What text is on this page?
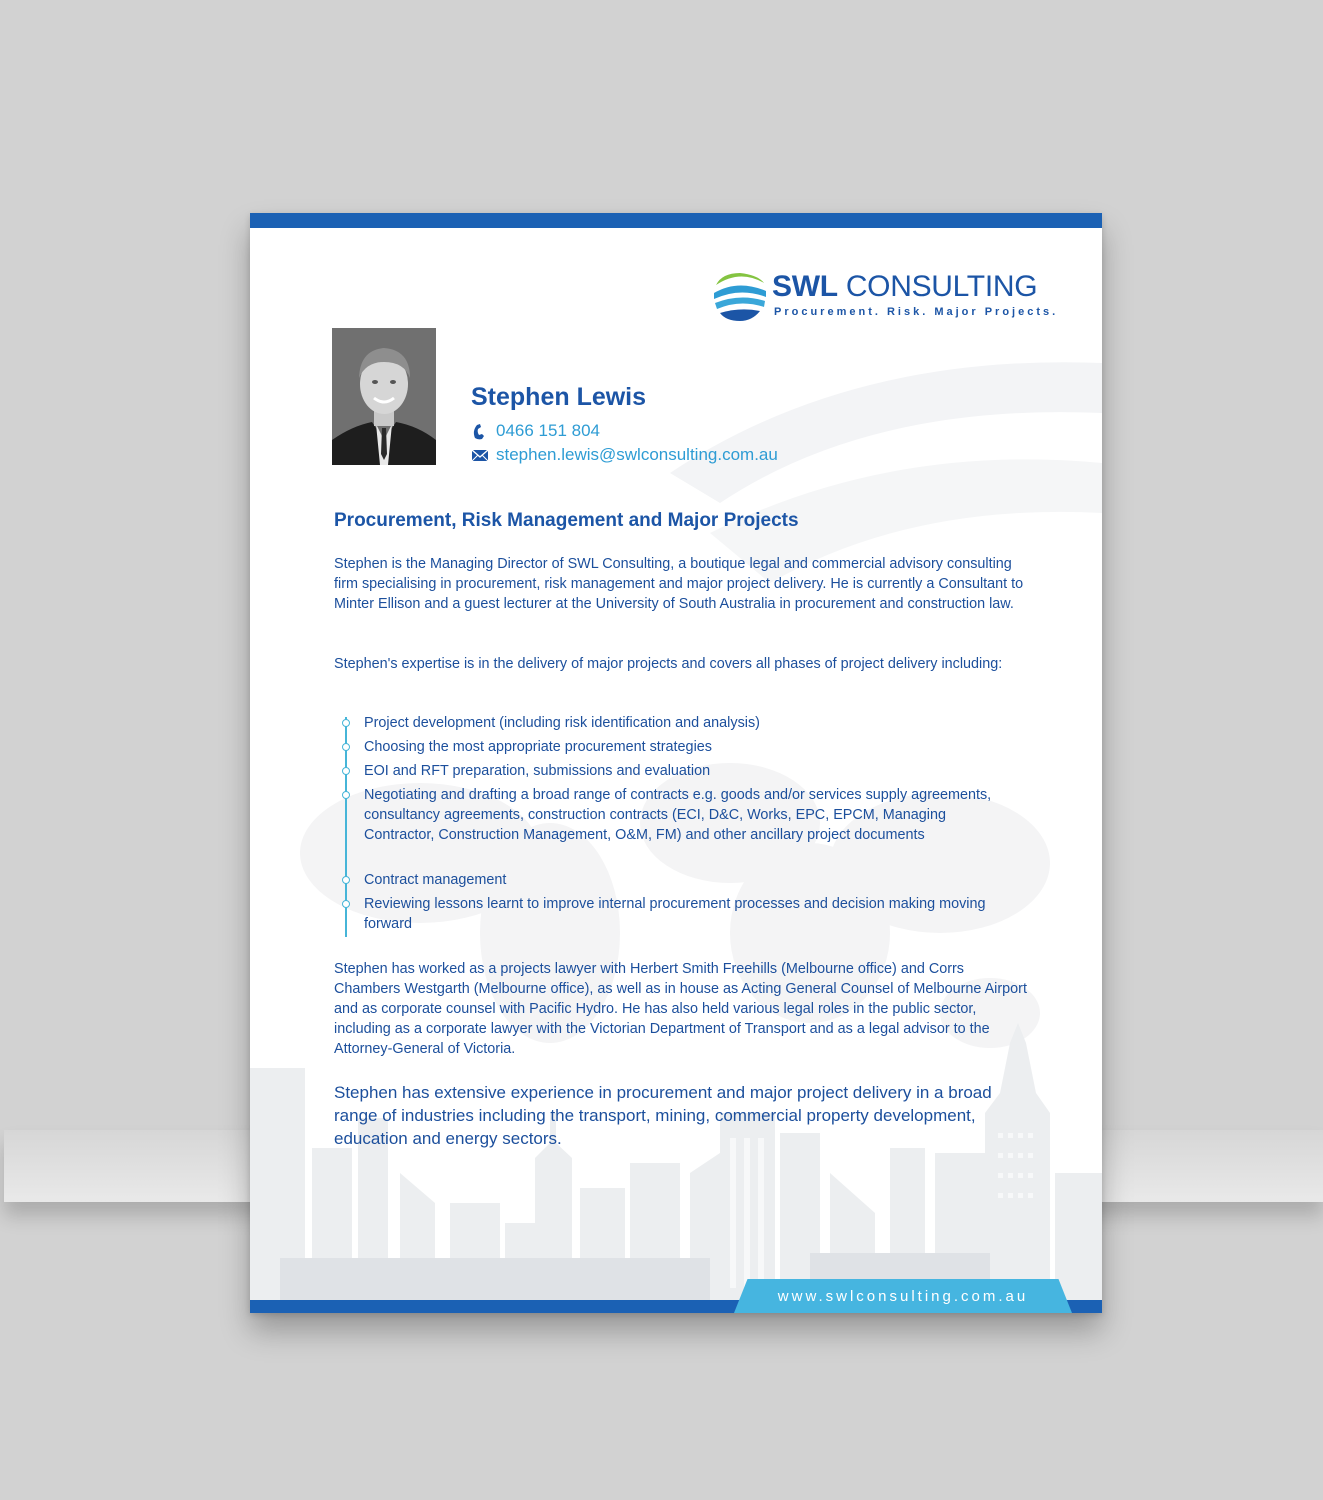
SWL CONSULTING
Procurement. Risk. Major Projects.
Stephen Lewis
0466 151 804
stephen.lewis@swlconsulting.com.au
Procurement, Risk Management and Major Projects

Stephen is the Managing Director of SWL Consulting, a boutique legal and commercial advisory consulting firm specialising in procurement, risk management and major project delivery. He is currently a Consultant to Minter Ellison and a guest lecturer at the University of South Australia in procurement and construction law.

Stephen's expertise is in the delivery of major projects and covers all phases of project delivery including:

Project development (including risk identification and analysis)
Choosing the most appropriate procurement strategies
EOI and RFT preparation, submissions and evaluation
Negotiating and drafting a broad range of contracts e.g. goods and/or services supply agreements, consultancy agreements, construction contracts (ECI, D&C, Works, EPC, EPCM, Managing Contractor, Construction Management, O&M, FM) and other ancillary project documents
Contract management
Reviewing lessons learnt to improve internal procurement processes and decision making moving forward

Stephen has worked as a projects lawyer with Herbert Smith Freehills (Melbourne office) and Corrs Chambers Westgarth (Melbourne office), as well as in house as Acting General Counsel of Melbourne Airport and as corporate counsel with Pacific Hydro. He has also held various legal roles in the public sector, including as a corporate lawyer with the Victorian Department of Transport and as a legal advisor to the Attorney-General of Victoria.

Stephen has extensive experience in procurement and major project delivery in a broad range of industries including the transport, mining, commercial property development, education and energy sectors.

www.swlconsulting.com.au
